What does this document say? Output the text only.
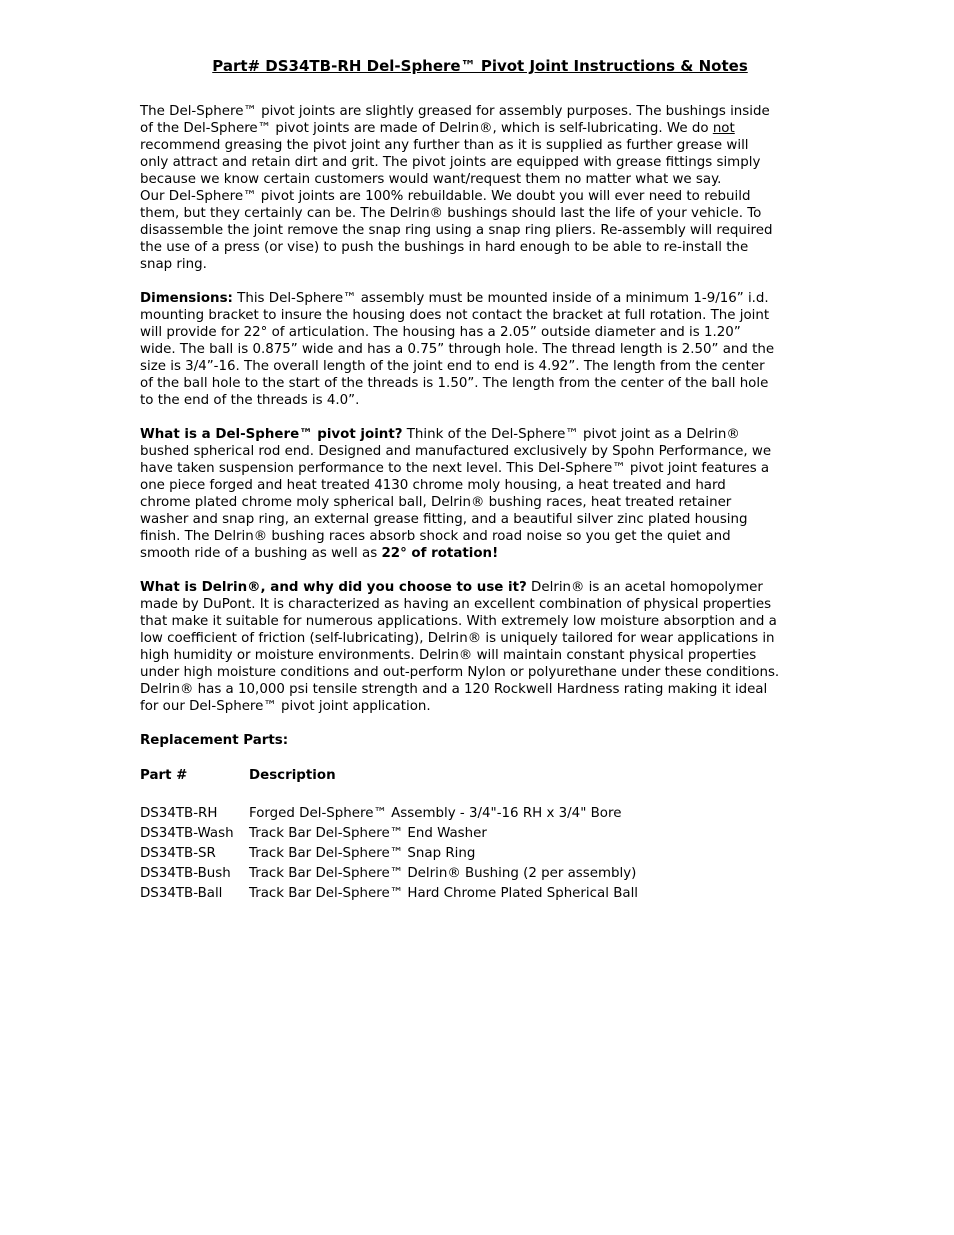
Part# DS34TB-RH Del-Sphere™ Pivot Joint Instructions & Notes

The Del-Sphere™ pivot joints are slightly greased for assembly purposes. The bushings inside
of the Del-Sphere™ pivot joints are made of Delrin®, which is self-lubricating. We do not
recommend greasing the pivot joint any further than as it is supplied as further grease will
only attract and retain dirt and grit. The pivot joints are equipped with grease fittings simply
because we know certain customers would want/request them no matter what we say.
Our Del-Sphere™ pivot joints are 100% rebuildable. We doubt you will ever need to rebuild
them, but they certainly can be. The Delrin® bushings should last the life of your vehicle. To
disassemble the joint remove the snap ring using a snap ring pliers. Re-assembly will required
the use of a press (or vise) to push the bushings in hard enough to be able to re-install the
snap ring.

Dimensions: This Del-Sphere™ assembly must be mounted inside of a minimum 1-9/16” i.d.
mounting bracket to insure the housing does not contact the bracket at full rotation. The joint
will provide for 22° of articulation. The housing has a 2.05” outside diameter and is 1.20”
wide. The ball is 0.875” wide and has a 0.75” through hole. The thread length is 2.50” and the
size is 3/4”-16. The overall length of the joint end to end is 4.92”. The length from the center
of the ball hole to the start of the threads is 1.50”. The length from the center of the ball hole
to the end of the threads is 4.0”.

What is a Del-Sphere™ pivot joint? Think of the Del-Sphere™ pivot joint as a Delrin®
bushed spherical rod end. Designed and manufactured exclusively by Spohn Performance, we
have taken suspension performance to the next level. This Del-Sphere™ pivot joint features a
one piece forged and heat treated 4130 chrome moly housing, a heat treated and hard
chrome plated chrome moly spherical ball, Delrin® bushing races, heat treated retainer
washer and snap ring, an external grease fitting, and a beautiful silver zinc plated housing
finish. The Delrin® bushing races absorb shock and road noise so you get the quiet and
smooth ride of a bushing as well as 22° of rotation!

What is Delrin®, and why did you choose to use it? Delrin® is an acetal homopolymer
made by DuPont. It is characterized as having an excellent combination of physical properties
that make it suitable for numerous applications. With extremely low moisture absorption and a
low coefficient of friction (self-lubricating), Delrin® is uniquely tailored for wear applications in
high humidity or moisture environments. Delrin® will maintain constant physical properties
under high moisture conditions and out-perform Nylon or polyurethane under these conditions.
Delrin® has a 10,000 psi tensile strength and a 120 Rockwell Hardness rating making it ideal
for our Del-Sphere™ pivot joint application.

Replacement Parts:
Part #	Description

DS34TB-RH	Forged Del-Sphere™ Assembly - 3/4"-16 RH x 3/4" Bore
DS34TB-Wash	Track Bar Del-Sphere™ End Washer
DS34TB-SR	Track Bar Del-Sphere™ Snap Ring
DS34TB-Bush	Track Bar Del-Sphere™ Delrin® Bushing (2 per assembly)
DS34TB-Ball	Track Bar Del-Sphere™ Hard Chrome Plated Spherical Ball
